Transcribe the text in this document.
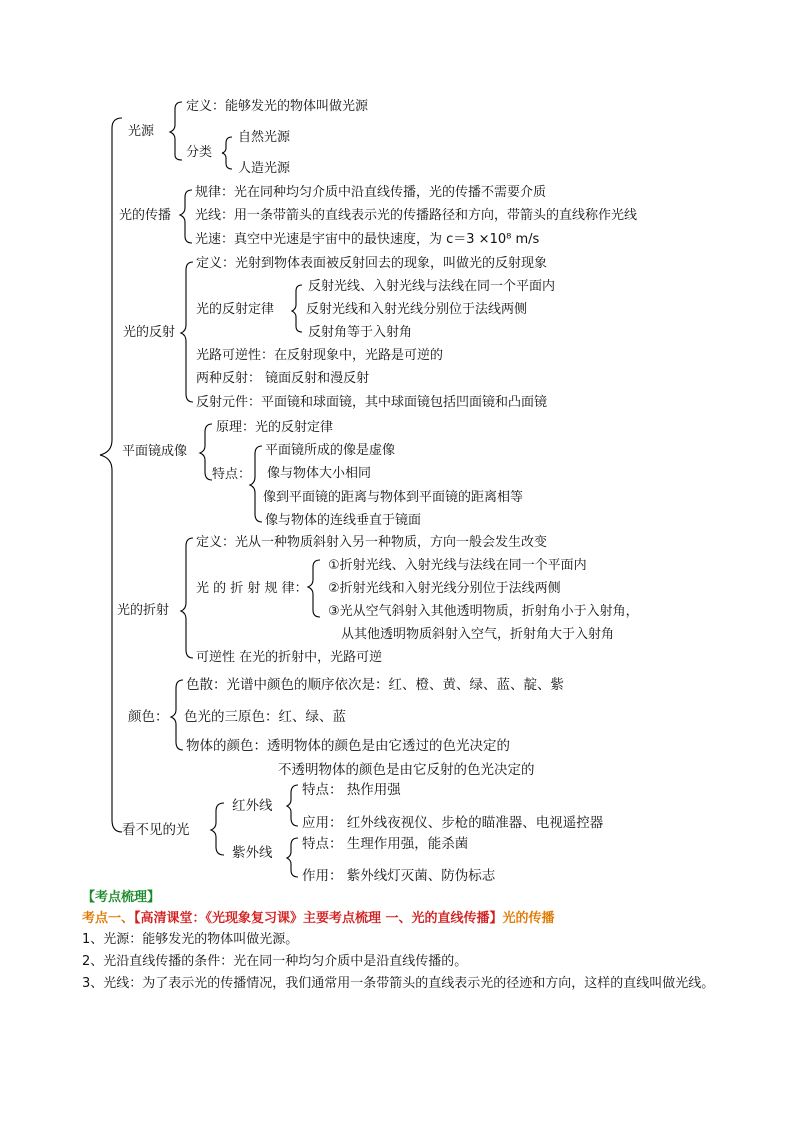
光源
定义：能够发光的物体叫做光源
分类
自然光源
人造光源
光的传播
规律：光在同种均匀介质中沿直线传播，光的传播不需要介质
光线：用一条带箭头的直线表示光的传播路径和方向，带箭头的直线称作光线
光速：真空中光速是宇宙中的最快速度，为 c＝3 ×10⁸ m/s
光的反射
定义：光射到物体表面被反射回去的现象，叫做光的反射现象
光的反射定律
反射光线、入射光线与法线在同一个平面内
反射光线和入射光线分别位于法线两侧
反射角等于入射角
光路可逆性：在反射现象中，光路是可逆的
两种反射： 镜面反射和漫反射
反射元件：平面镜和球面镜，其中球面镜包括凹面镜和凸面镜
平面镜成像
原理：光的反射定律
特点：
平面镜所成的像是虚像
像与物体大小相同
像到平面镜的距离与物体到平面镜的距离相等
像与物体的连线垂直于镜面
光的折射
定义：光从一种物质斜射入另一种物质，方向一般会发生改变
光 的 折 射 规 律：
①折射光线、入射光线与法线在同一个平面内
②折射光线和入射光线分别位于法线两侧
③光从空气斜射入其他透明物质，折射角小于入射角，
从其他透明物质斜射入空气，折射角大于入射角
可逆性 在光的折射中，光路可逆
颜色：
色散：光谱中颜色的顺序依次是：红、橙、黄、绿、蓝、靛、紫
色光的三原色：红、绿、蓝
物体的颜色：透明物体的颜色是由它透过的色光决定的
不透明物体的颜色是由它反射的色光决定的
看不见的光
红外线
特点： 热作用强
应用： 红外线夜视仪、步枪的瞄准器、电视遥控器
紫外线
特点： 生理作用强，能杀菌
作用： 紫外线灯灭菌、防伪标志
【考点梳理】
考点一、【高清课堂：《光现象复习课》主要考点梳理 一、光的直线传播】光的传播
1、光源：能够发光的物体叫做光源。
2、光沿直线传播的条件：光在同一种均匀介质中是沿直线传播的。
3、光线：为了表示光的传播情况，我们通常用一条带箭头的直线表示光的径迹和方向，这样的直线叫做光线。
